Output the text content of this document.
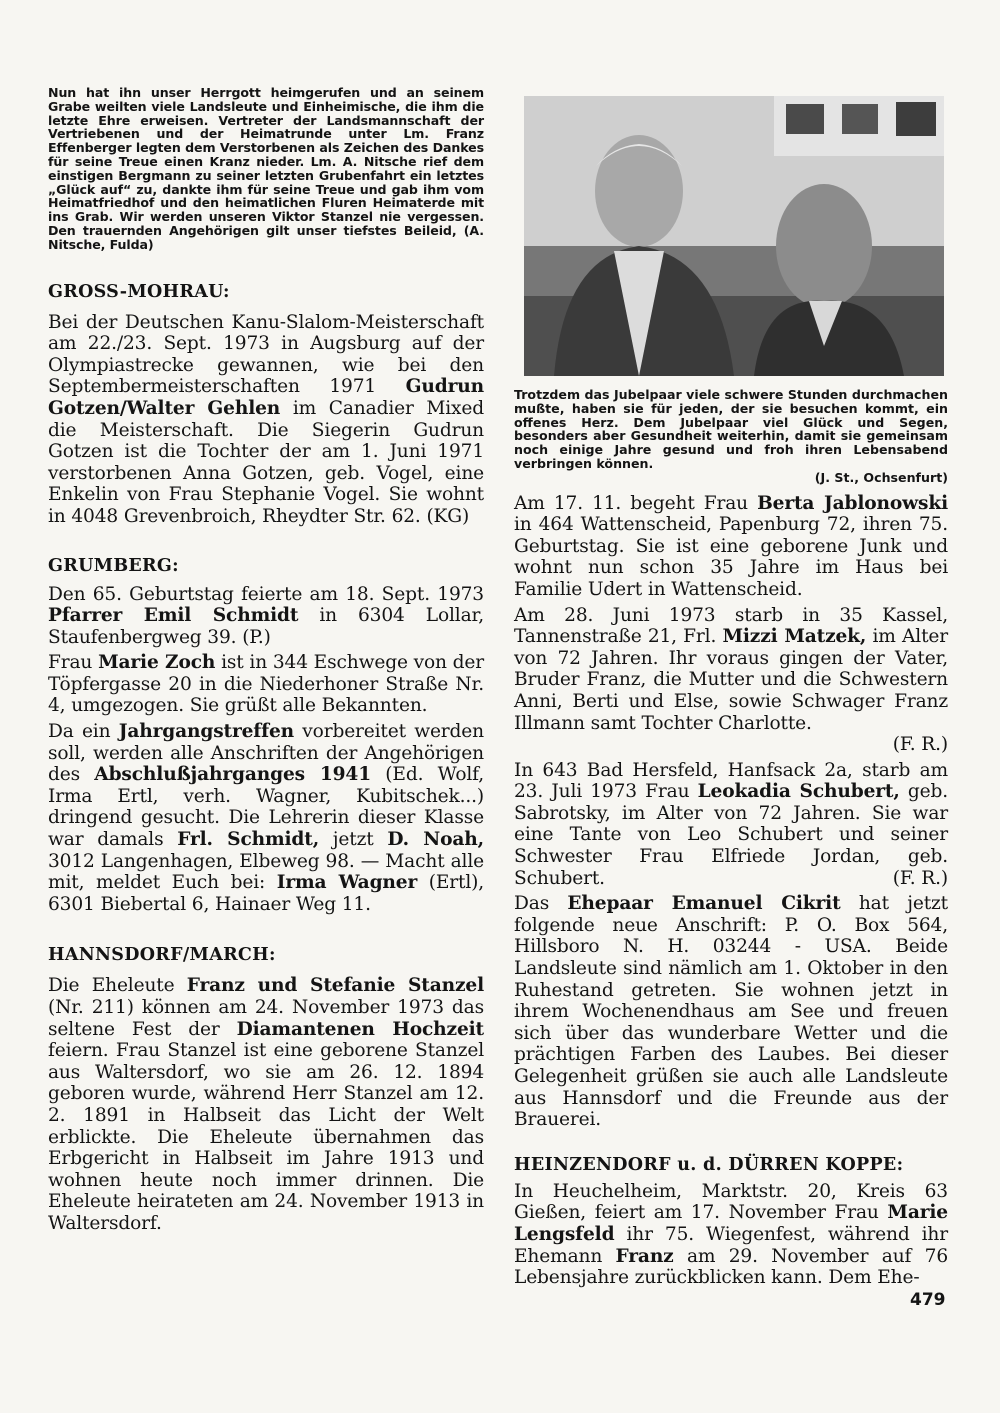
Nun hat ihn unser Herrgott heimgerufen und an seinem Grabe weilten viele Landsleute und Einheimische, die ihm die letzte Ehre erweisen. Vertreter der Landsmannschaft der Vertriebenen und der Heimatrunde unter Lm. Franz Effenberger legten dem Verstorbenen als Zeichen des Dankes für seine Treue einen Kranz nieder. Lm. A. Nitsche rief dem einstigen Bergmann zu seiner letzten Grubenfahrt ein letztes „Glück auf“ zu, dankte ihm für seine Treue und gab ihm vom Heimatfriedhof und den heimatlichen Fluren Heimaterde mit ins Grab. Wir werden unseren Viktor Stanzel nie vergessen. Den trauernden Angehörigen gilt unser tiefstes Beileid, (A. Nitsche, Fulda)

GROSS-MOHRAU:

Bei der Deutschen Kanu-Slalom-Meisterschaft am 22./23. Sept. 1973 in Augsburg auf der Olympiastrecke gewannen, wie bei den Septembermeisterschaften 1971 Gudrun Gotzen/Walter Gehlen im Canadier Mixed die Meisterschaft. Die Siegerin Gudrun Gotzen ist die Tochter der am 1. Juni 1971 verstorbenen Anna Gotzen, geb. Vogel, eine Enkelin von Frau Stephanie Vogel. Sie wohnt in 4048 Grevenbroich, Rheydter Str. 62. (KG)

GRUMBERG:

Den 65. Geburtstag feierte am 18. Sept. 1973 Pfarrer Emil Schmidt in 6304 Lollar, Staufenbergweg 39. (P.)

Frau Marie Zoch ist in 344 Eschwege von der Töpfergasse 20 in die Niederhoner Straße Nr. 4, umgezogen. Sie grüßt alle Bekannten.

Da ein Jahrgangstreffen vorbereitet werden soll, werden alle Anschriften der Angehörigen des Abschlußjahrganges 1941 (Ed. Wolf, Irma Ertl, verh. Wagner, Kubitschek...) dringend gesucht. Die Lehrerin dieser Klasse war damals Frl. Schmidt, jetzt D. Noah, 3012 Langenhagen, Elbeweg 98. — Macht alle mit, meldet Euch bei: Irma Wagner (Ertl), 6301 Biebertal 6, Hainaer Weg 11.

HANNSDORF/MARCH:

Die Eheleute Franz und Stefanie Stanzel (Nr. 211) können am 24. November 1973 das seltene Fest der Diamantenen Hochzeit feiern. Frau Stanzel ist eine geborene Stanzel aus Waltersdorf, wo sie am 26. 12. 1894 geboren wurde, während Herr Stanzel am 12. 2. 1891 in Halbseit das Licht der Welt erblickte. Die Eheleute übernahmen das Erbgericht in Halbseit im Jahre 1913 und wohnen heute noch immer drinnen. Die Eheleute heirateten am 24. November 1913 in Waltersdorf.

Trotzdem das Jubelpaar viele schwere Stunden durchmachen mußte, haben sie für jeden, der sie besuchen kommt, ein offenes Herz. Dem Jubelpaar viel Glück und Segen, besonders aber Gesundheit weiterhin, damit sie gemeinsam noch einige Jahre gesund und froh ihren Lebensabend verbringen können.

(J. St., Ochsenfurt)

Am 17. 11. begeht Frau Berta Jablonowski in 464 Wattenscheid, Papenburg 72, ihren 75. Geburtstag. Sie ist eine geborene Junk und wohnt nun schon 35 Jahre im Haus bei Familie Udert in Wattenscheid.

Am 28. Juni 1973 starb in 35 Kassel, Tannenstraße 21, Frl. Mizzi Matzek, im Alter von 72 Jahren. Ihr voraus gingen der Vater, Bruder Franz, die Mutter und die Schwestern Anni, Berti und Else, sowie Schwager Franz Illmann samt Tochter Charlotte.

(F. R.)

In 643 Bad Hersfeld, Hanfsack 2a, starb am 23. Juli 1973 Frau Leokadia Schubert, geb. Sabrotsky, im Alter von 72 Jahren. Sie war eine Tante von Leo Schubert und seiner Schwester Frau Elfriede Jordan, geb. Schubert.	(F. R.)

Das Ehepaar Emanuel Cikrit hat jetzt folgende neue Anschrift: P. O. Box 564, Hillsboro N. H. 03244 - USA. Beide Landsleute sind nämlich am 1. Oktober in den Ruhestand getreten. Sie wohnen jetzt in ihrem Wochenendhaus am See und freuen sich über das wunderbare Wetter und die prächtigen Farben des Laubes. Bei dieser Gelegenheit grüßen sie auch alle Landsleute aus Hannsdorf und die Freunde aus der Brauerei.

HEINZENDORF u. d. DÜRREN KOPPE:

In Heuchelheim, Marktstr. 20, Kreis 63 Gießen, feiert am 17. November Frau Marie Lengsfeld ihr 75. Wiegenfest, während ihr Ehemann Franz am 29. November auf 76 Lebensjahre zurückblicken kann. Dem Ehe-

479
